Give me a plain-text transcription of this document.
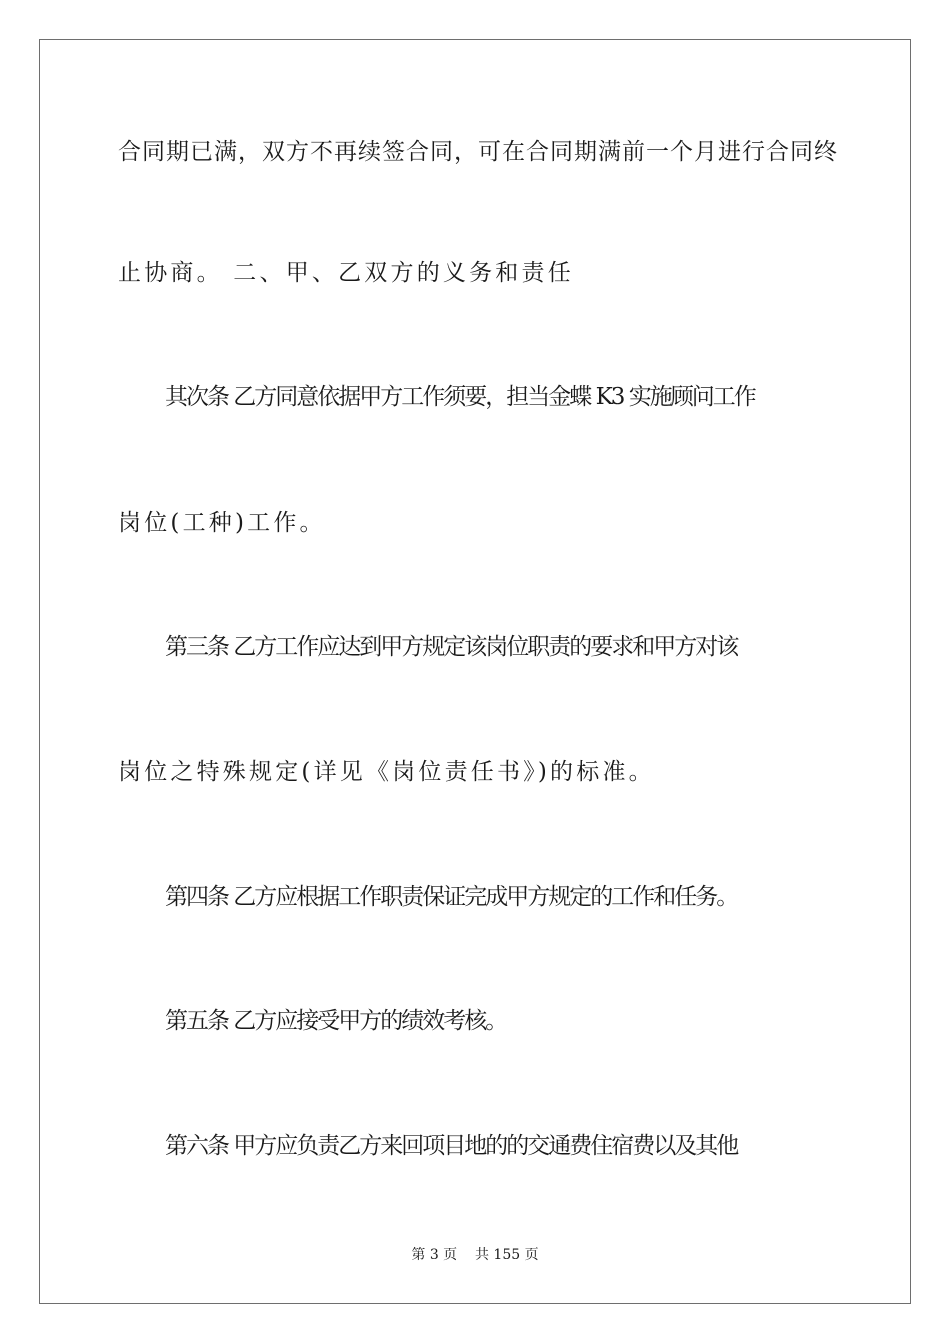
合同期已满，双方不再续签合同，可在合同期满前一个月进行合同终
止协商。 二、甲、乙双方的义务和责任
其次条 乙方同意依据甲方工作须要，担当金蝶 K3 实施顾问工作
岗位(工种)工作。
第三条 乙方工作应达到甲方规定该岗位职责的要求和甲方对该
岗位之特殊规定(详见《岗位责任书》)的标准。
第四条 乙方应根据工作职责保证完成甲方规定的工作和任务。
第五条 乙方应接受甲方的绩效考核。
第六条 甲方应负责乙方来回项目地的的交通费住宿费以及其他
第 3 页    共 155 页
